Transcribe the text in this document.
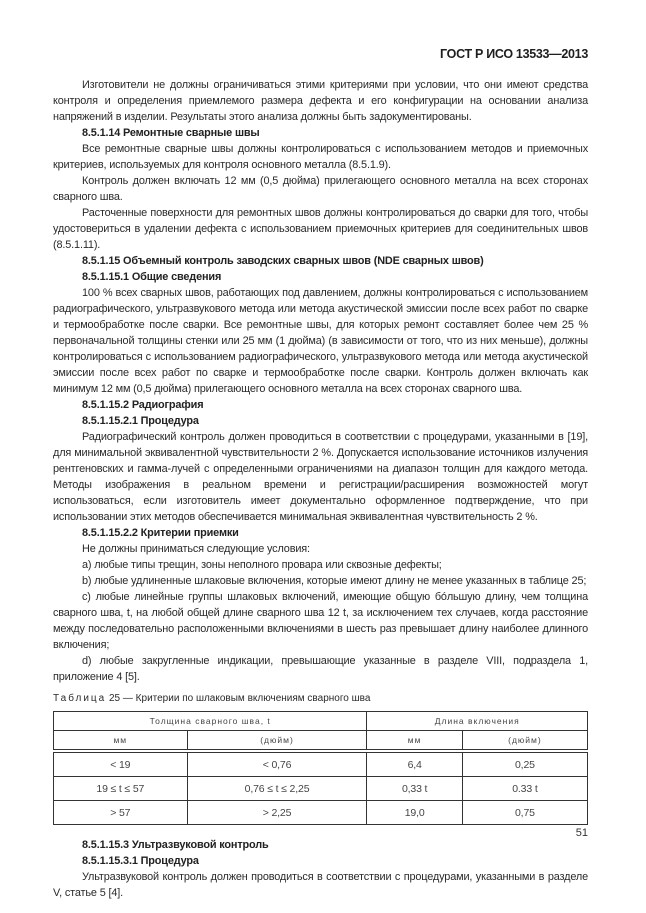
ГОСТ Р ИСО 13533—2013

Изготовители не должны ограничиваться этими критериями при условии, что они имеют средства контроля и определения приемлемого размера дефекта и его конфигурации на основании анализа напряжений в изделии. Результаты этого анализа должны быть задокументированы.

8.5.1.14 Ремонтные сварные швы

Все ремонтные сварные швы должны контролироваться с использованием методов и приемочных критериев, используемых для контроля основного металла (8.5.1.9).

Контроль должен включать 12 мм (0,5 дюйма) прилегающего основного металла на всех сторонах сварного шва.

Расточенные поверхности для ремонтных швов должны контролироваться до сварки для того, чтобы удостовериться в удалении дефекта с использованием приемочных критериев для соединительных швов (8.5.1.11).

8.5.1.15 Объемный контроль заводских сварных швов (NDE сварных швов)

8.5.1.15.1 Общие сведения

100 % всех сварных швов, работающих под давлением, должны контролироваться с использованием радиографического, ультразвукового метода или метода акустической эмиссии после всех работ по сварке и термообработке после сварки. Все ремонтные швы, для которых ремонт составляет более чем 25 % первоначальной толщины стенки или 25 мм (1 дюйма) (в зависимости от того, что из них меньше), должны контролироваться с использованием радиографического, ультразвукового метода или метода акустической эмиссии после всех работ по сварке и термообработке после сварки. Контроль должен включать как минимум 12 мм (0,5 дюйма) прилегающего основного металла на всех сторонах сварного шва.

8.5.1.15.2 Радиография

8.5.1.15.2.1 Процедура

Радиографический контроль должен проводиться в соответствии с процедурами, указанными в [19], для минимальной эквивалентной чувствительности 2 %. Допускается использование источников излучения рентгеновских и гамма-лучей с определенными ограничениями на диапазон толщин для каждого метода. Методы изображения в реальном времени и регистрации/расширения возможностей могут использоваться, если изготовитель имеет документально оформленное подтверждение, что при использовании этих методов обеспечивается минимальная эквивалентная чувствительность 2 %.

8.5.1.15.2.2 Критерии приемки

Не должны приниматься следующие условия:

a) любые типы трещин, зоны неполного провара или сквозные дефекты;

b) любые удлиненные шлаковые включения, которые имеют длину не менее указанных в таблице 25;

c) любые линейные группы шлаковых включений, имеющие общую бóльшую длину, чем толщина сварного шва, t, на любой общей длине сварного шва 12 t, за исключением тех случаев, когда расстояние между последовательно расположенными включениями в шесть раз превышает длину наиболее длинного включения;

d) любые закругленные индикации, превышающие указанные в разделе VIII, подраздела 1, приложение 4 [5].

Таблица 25 — Критерии по шлаковым включениям сварного шва
Толщина сварного шва, t		Длина включения	
мм	(дюйм)	мм	(дюйм)
< 19	< 0,76	6,4	0,25
19 ≤ t ≤ 57	0,76 ≤ t ≤ 2,25	0,33 t	0.33 t
> 57	> 2,25	19,0	0,75

8.5.1.15.3 Ультразвуковой контроль

8.5.1.15.3.1 Процедура

Ультразвуковой контроль должен проводиться в соответствии с процедурами, указанными в разделе V, статье 5 [4].

51
